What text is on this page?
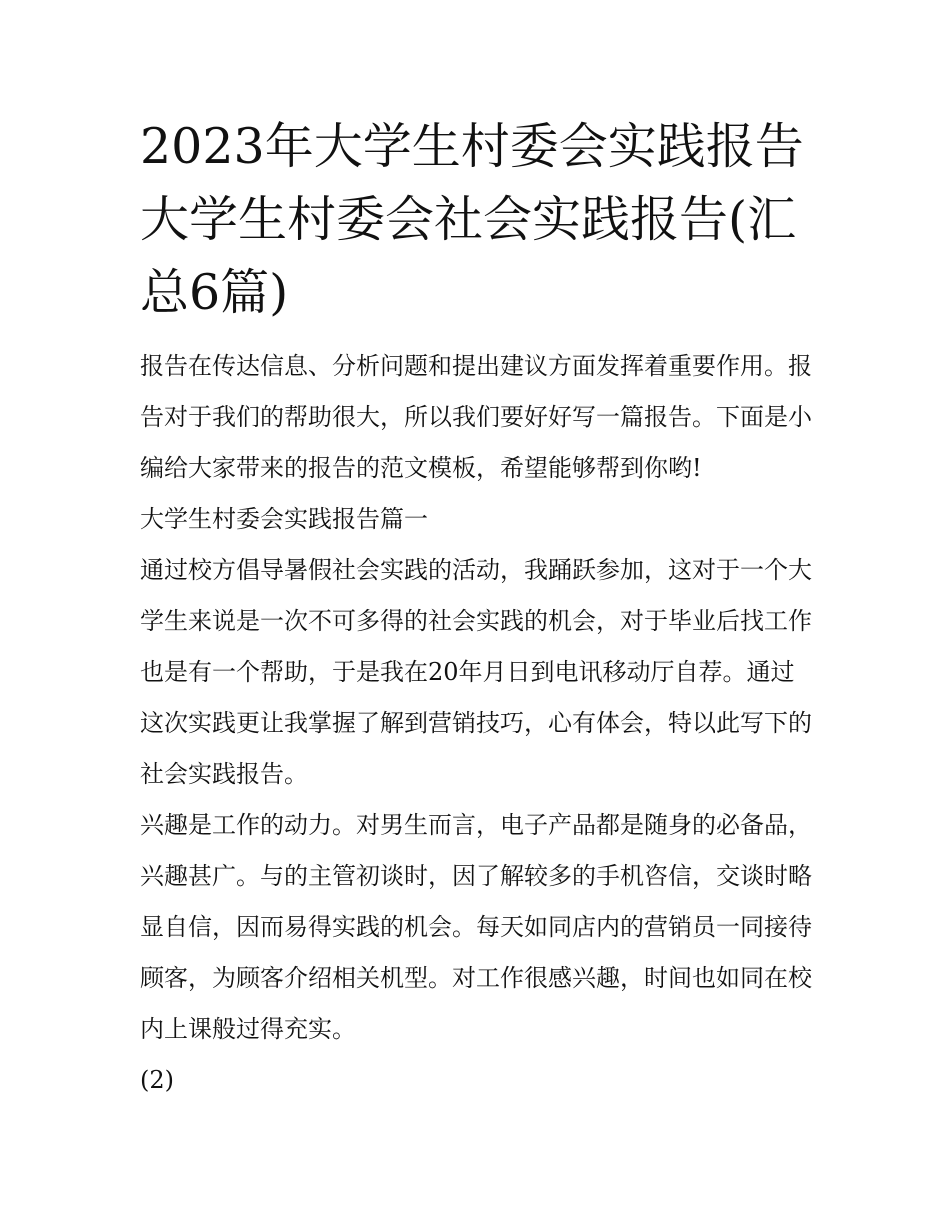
2023年大学生村委会实践报告大学生村委会社会实践报告(汇总6篇)

报告在传达信息、分析问题和提出建议方面发挥着重要作用。报告对于我们的帮助很大，所以我们要好好写一篇报告。下面是小编给大家带来的报告的范文模板，希望能够帮到你哟!

大学生村委会实践报告篇一

通过校方倡导暑假社会实践的活动，我踊跃参加，这对于一个大学生来说是一次不可多得的社会实践的机会，对于毕业后找工作也是有一个帮助，于是我在20年月日到电讯移动厅自荐。通过这次实践更让我掌握了解到营销技巧，心有体会，特以此写下的社会实践报告。

兴趣是工作的动力。对男生而言，电子产品都是随身的必备品，兴趣甚广。与的主管初谈时，因了解较多的手机咨信，交谈时略显自信，因而易得实践的机会。每天如同店内的营销员一同接待顾客，为顾客介绍相关机型。对工作很感兴趣，时间也如同在校内上课般过得充实。

(2)
